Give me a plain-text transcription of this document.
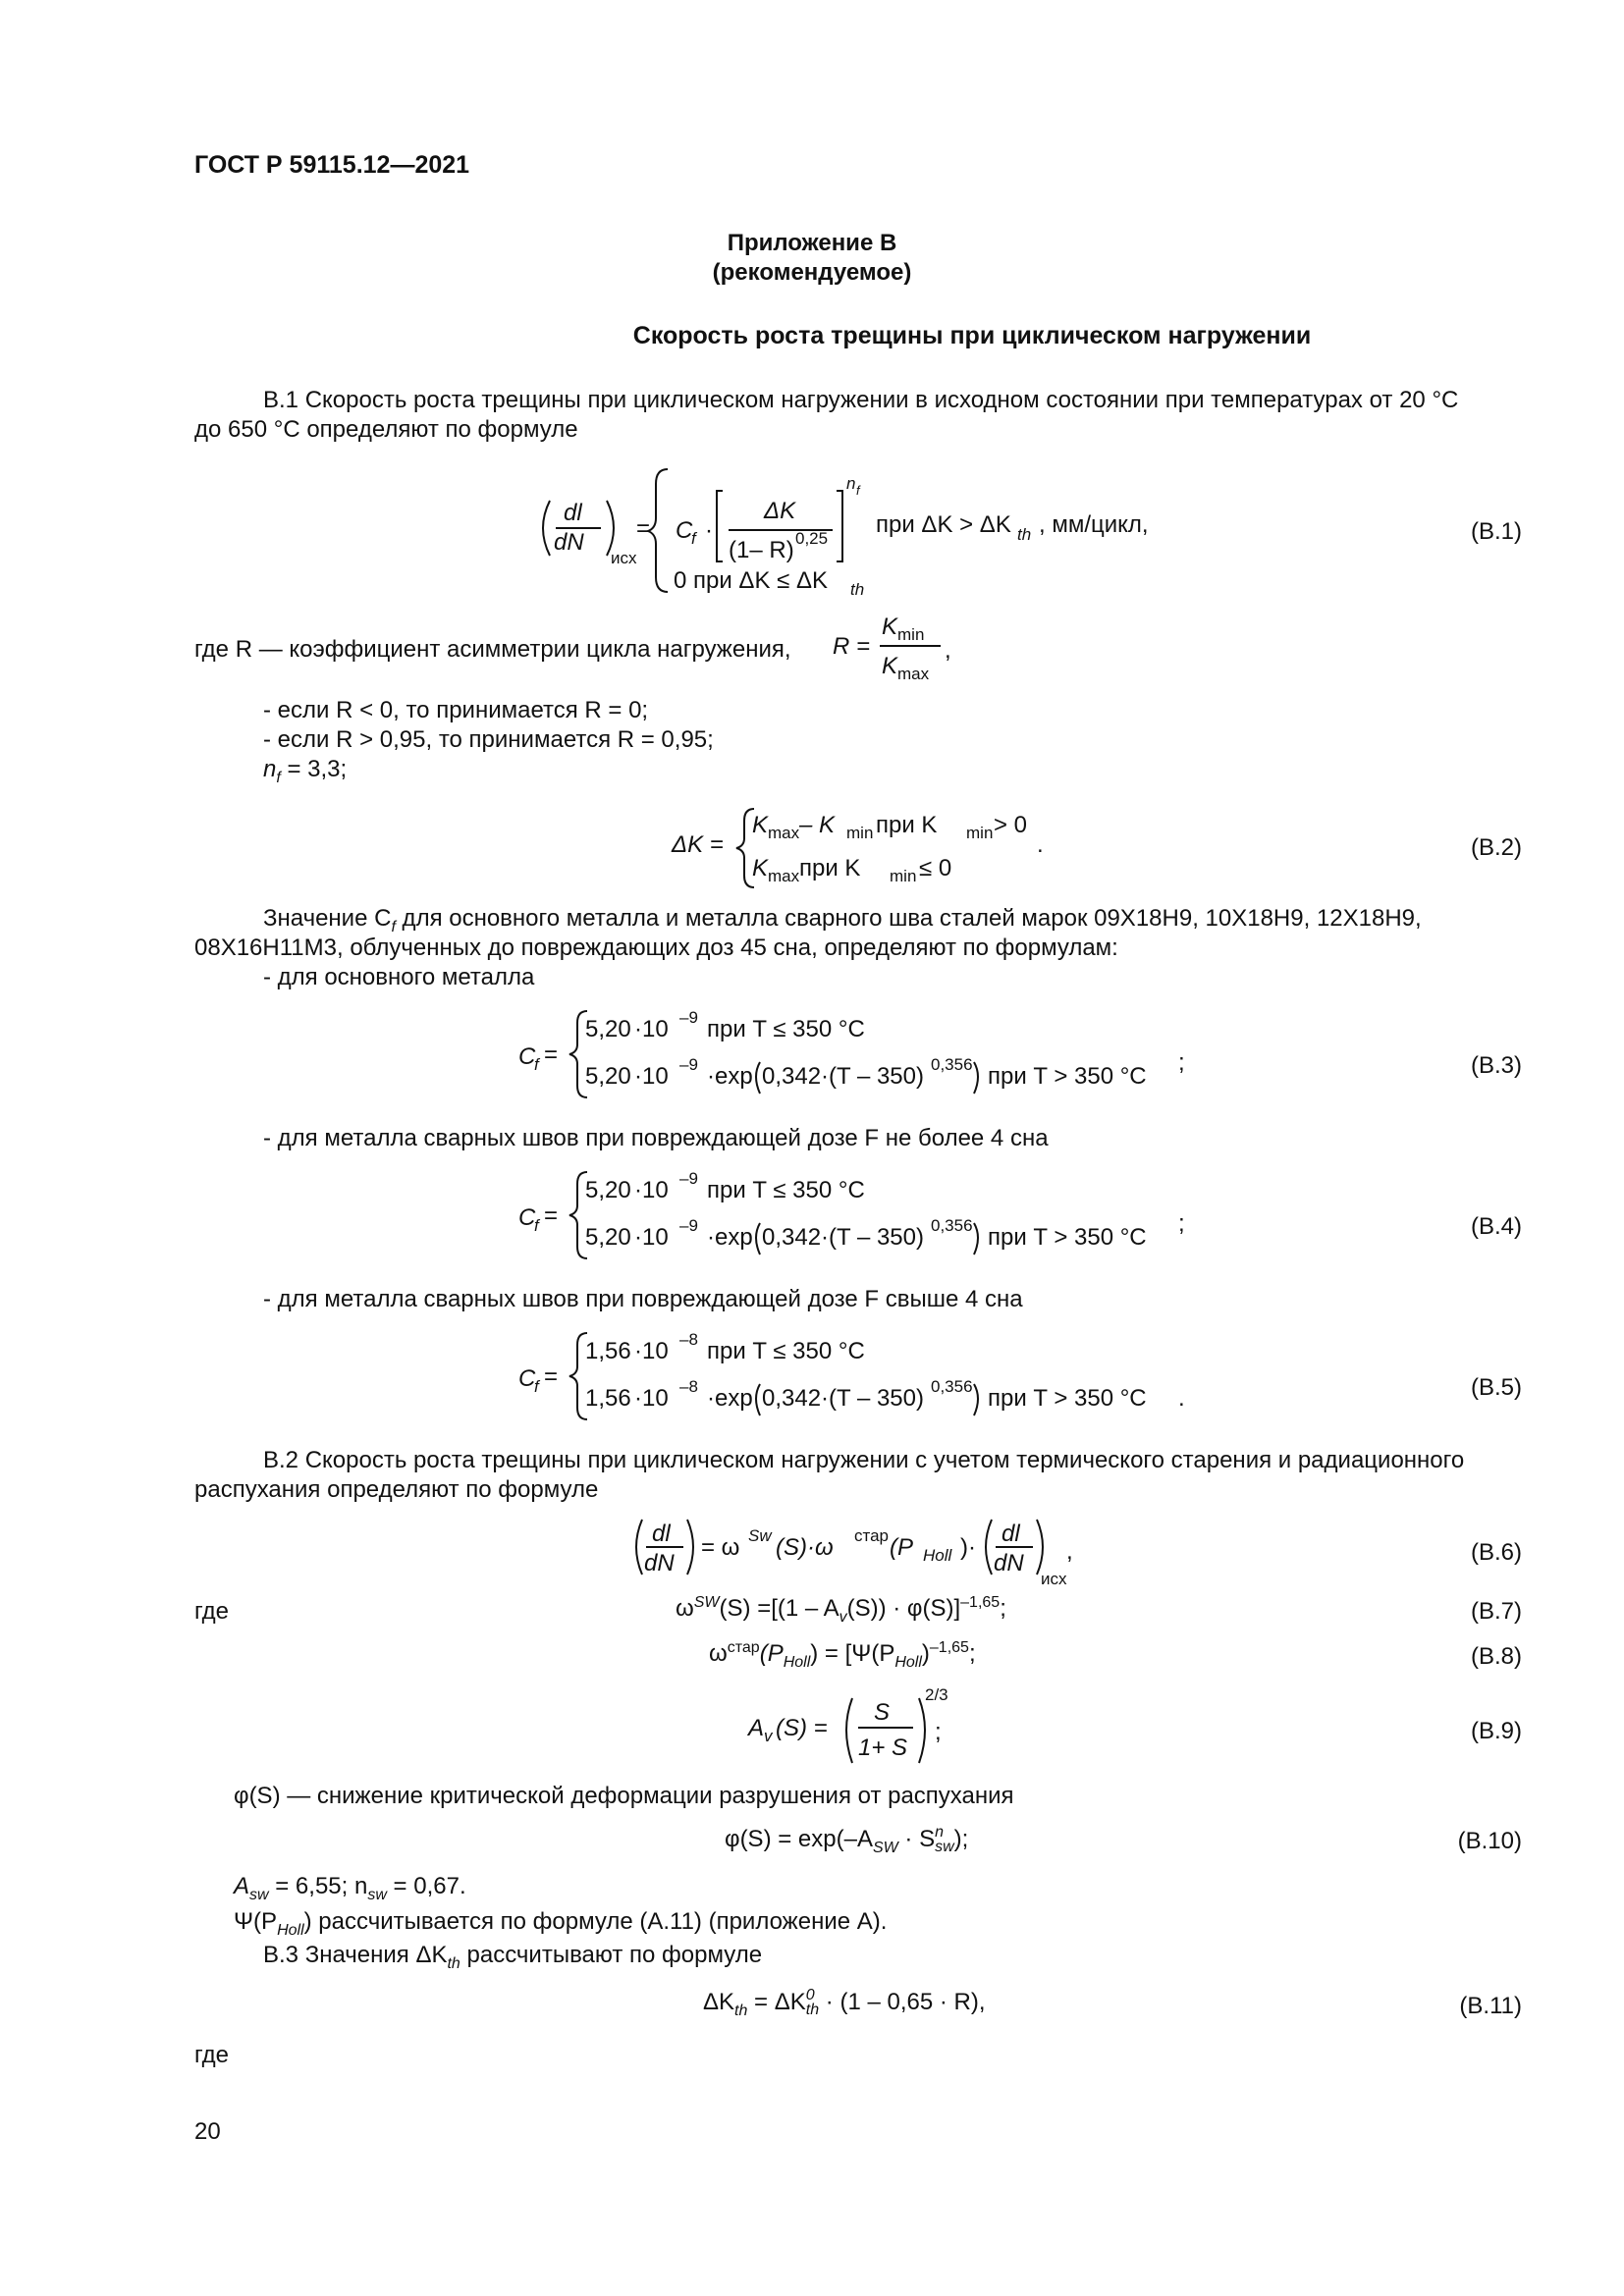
ГОСТ Р 59115.12—2021
Приложение В
(рекомендуемое)
Скорость роста трещины при циклическом нагружении
В.1 Скорость роста трещины при циклическом нагружении в исходном состоянии при температурах от 20 °C
до 650 °C определяют по формуле
dl
dN
исх
= C
f ·
ΔK
(1– R) 0,25
n f
при ΔK > ΔK th , мм/цикл,
0 при ΔK ≤ ΔK th
(В.1)
где R — коэффициент асимметрии цикла нагружения, R =
K min
K max
,
- если R < 0, то принимается R = 0;
- если R > 0,95, то принимается R = 0,95;
$n_f = 3,3$;
ΔK =
K max – K min при K min > 0
K max при K min ≤ 0
.	(В.2)
Значение $C_f$ для основного металла и металла сварного шва сталей марок 09Х18Н9, 10Х18Н9, 12Х18Н9,
08Х16Н11М3, облученных до повреждающих доз 45 сна, определяют по формулам:
- для основного металла
C
f =
5,20 ·10 –9 при T ≤ 350 °C
5,20 ·10 –9 ·exp 0,342·(T – 350) 0,356 при T > 350 °C
;	(В.3)
- для металла сварных швов при повреждающей дозе F не более 4 сна
C
f =
5,20 ·10 –9 при T ≤ 350 °C
5,20 ·10 –9 ·exp 0,342·(T – 350) 0,356 при T > 350 °C
;	(В.4)
- для металла сварных швов при повреждающей дозе F свыше 4 сна
C
f =
1,56 ·10 –8 при T ≤ 350 °C
1,56 ·10 –8 ·exp 0,342·(T – 350) 0,356 при T > 350 °C .	(В.5)
В.2 Скорость роста трещины при циклическом нагружении с учетом термического старения и радиационного
распухания определяют по формуле
dl
dN
= ω Sw (S)·ω стар (P Holl )·
dl
dN
исх
,	(В.6)
где	$\omega^{SW}(S) =[(1 - A_v(S)) \cdot \varphi(S)]^{-1,65}$;	(В.7)
$\omega^{стар}(P_{Holl}) = [\Psi(P_{Holl})^{-1,65}$;	(В.8)
A v (S) =
S
1+ S
2/3
;	(В.9)
φ(S) — снижение критической деформации разрушения от распухания
$\varphi(S) = \exp(-A_{SW} \cdot S$ n
sw );	(В.10)
$A_{sw} = 6,55$; $n_{sw} = 0,67$.
$\Psi(P_{Holl})$ рассчитывается по формуле (А.11) (приложение А).
В.3 Значения $\Delta K_{th}$ рассчитывают по формуле
$\Delta K_{th} = \Delta K$ 0
th · (1 – 0,65 · R),	(В.11)
где
20
